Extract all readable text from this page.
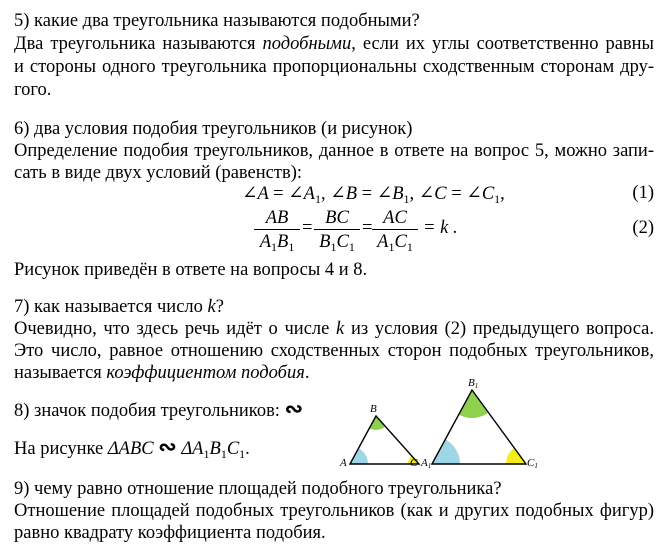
5) какие два треугольника называются подобными?
Два треугольника называются подобными, если их углы соответственно равны
и стороны одного треугольника пропорциональны сходственным сторонам дру-
гого.
6) два условия подобия треугольников (и рисунок)
Определение подобия треугольников, данное в ответе на вопрос 5, можно запи-
сать в виде двух условий (равенств):
∠A = $\angle A_1$, ∠B = $\angle B_1$, ∠C = $\angle C_1$,	(1)
$\frac{AB}{A_1B_1} = \frac{BC}{B_1C_1} = \frac{AC}{A_1C_1} = k$ .	(2)
Рисунок приведён в ответе на вопросы 4 и 8.
7) как называется число k?
Очевидно, что здесь речь идёт о числе k из условия (2) предыдущего вопроса.
Это число, равное отношению сходственных сторон подобных треугольников,
называется коэффициентом подобия.
8) значок подобия треугольников: ∾
На рисунке ΔABC ∾ $\Delta A_1B_1C_1$.
B
A	C
B1
A1	C1
9) чему равно отношение площадей подобного треугольника?
Отношение площадей подобных треугольников (как и других подобных фигур)
равно квадрату коэффициента подобия.
